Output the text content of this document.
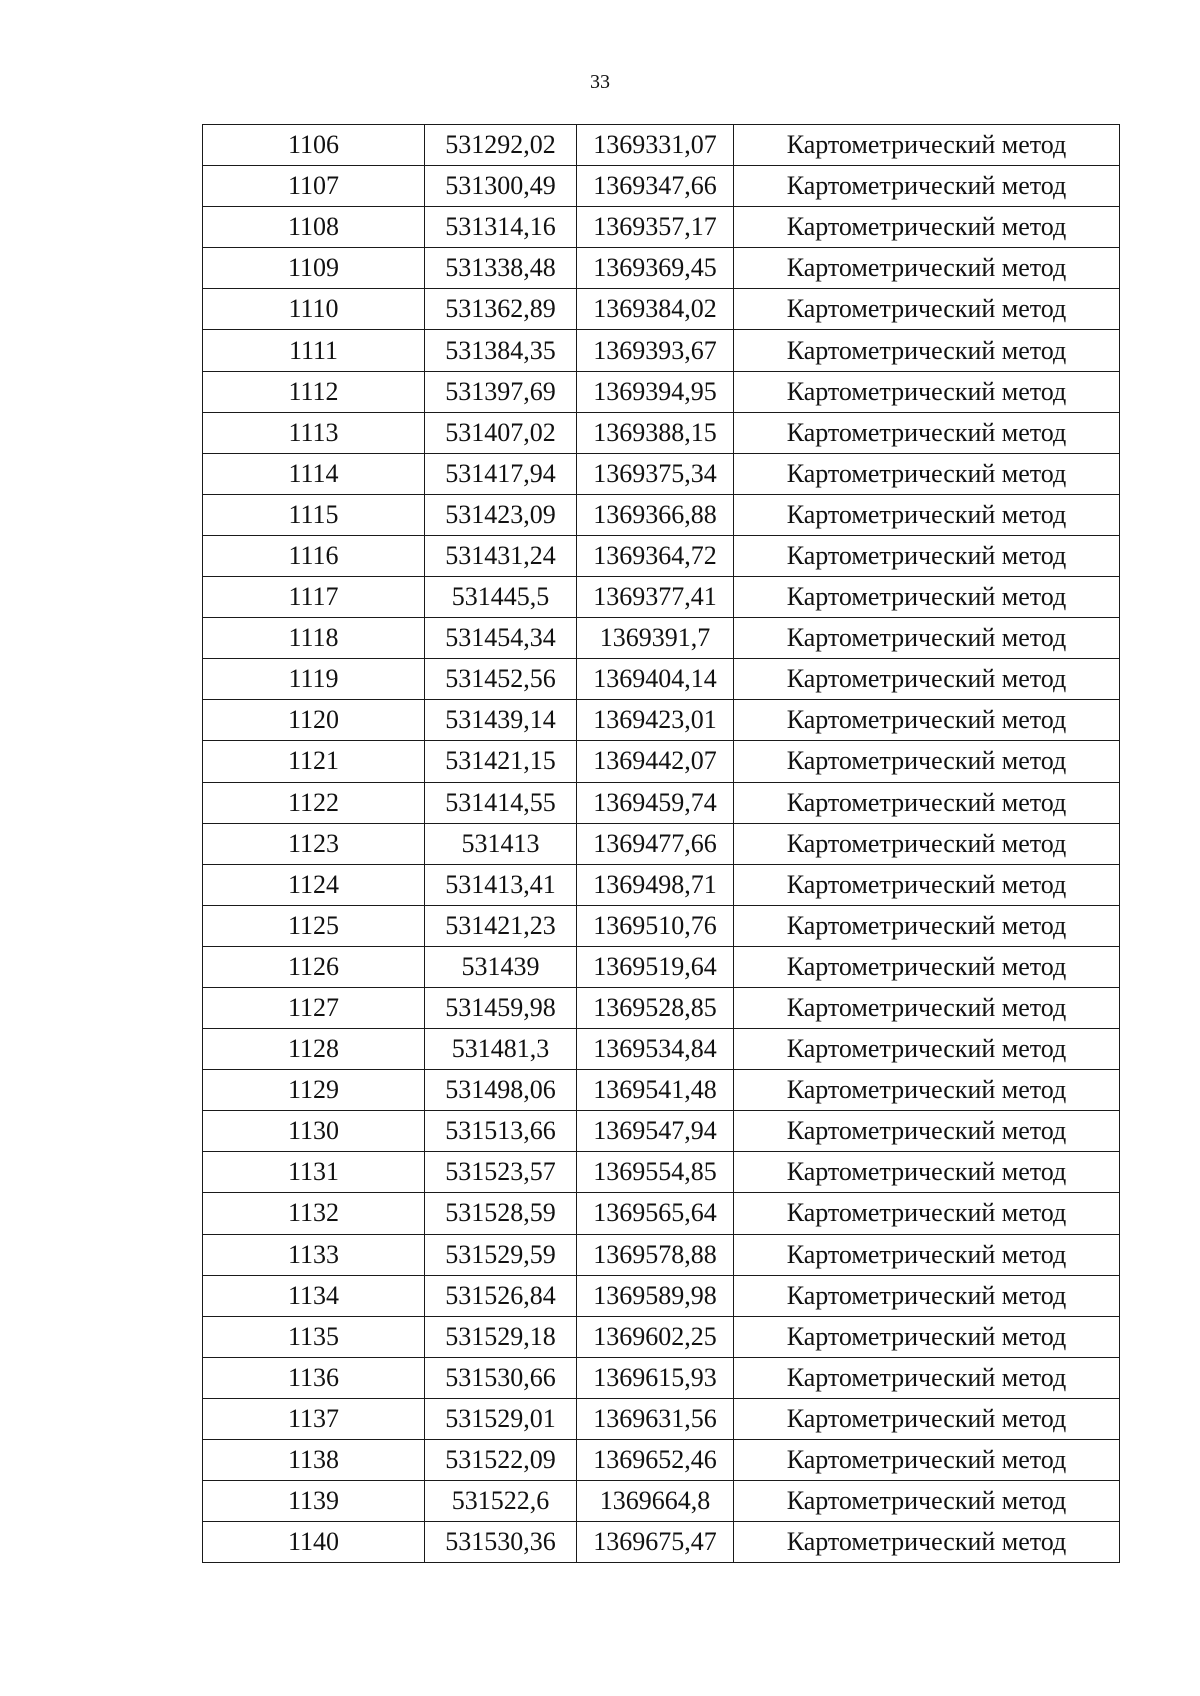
33
1106	531292,02	1369331,07	Картометрический метод
1107	531300,49	1369347,66	Картометрический метод
1108	531314,16	1369357,17	Картометрический метод
1109	531338,48	1369369,45	Картометрический метод
1110	531362,89	1369384,02	Картометрический метод
1111	531384,35	1369393,67	Картометрический метод
1112	531397,69	1369394,95	Картометрический метод
1113	531407,02	1369388,15	Картометрический метод
1114	531417,94	1369375,34	Картометрический метод
1115	531423,09	1369366,88	Картометрический метод
1116	531431,24	1369364,72	Картометрический метод
1117	531445,5	1369377,41	Картометрический метод
1118	531454,34	1369391,7	Картометрический метод
1119	531452,56	1369404,14	Картометрический метод
1120	531439,14	1369423,01	Картометрический метод
1121	531421,15	1369442,07	Картометрический метод
1122	531414,55	1369459,74	Картометрический метод
1123	531413	1369477,66	Картометрический метод
1124	531413,41	1369498,71	Картометрический метод
1125	531421,23	1369510,76	Картометрический метод
1126	531439	1369519,64	Картометрический метод
1127	531459,98	1369528,85	Картометрический метод
1128	531481,3	1369534,84	Картометрический метод
1129	531498,06	1369541,48	Картометрический метод
1130	531513,66	1369547,94	Картометрический метод
1131	531523,57	1369554,85	Картометрический метод
1132	531528,59	1369565,64	Картометрический метод
1133	531529,59	1369578,88	Картометрический метод
1134	531526,84	1369589,98	Картометрический метод
1135	531529,18	1369602,25	Картометрический метод
1136	531530,66	1369615,93	Картометрический метод
1137	531529,01	1369631,56	Картометрический метод
1138	531522,09	1369652,46	Картометрический метод
1139	531522,6	1369664,8	Картометрический метод
1140	531530,36	1369675,47	Картометрический метод
